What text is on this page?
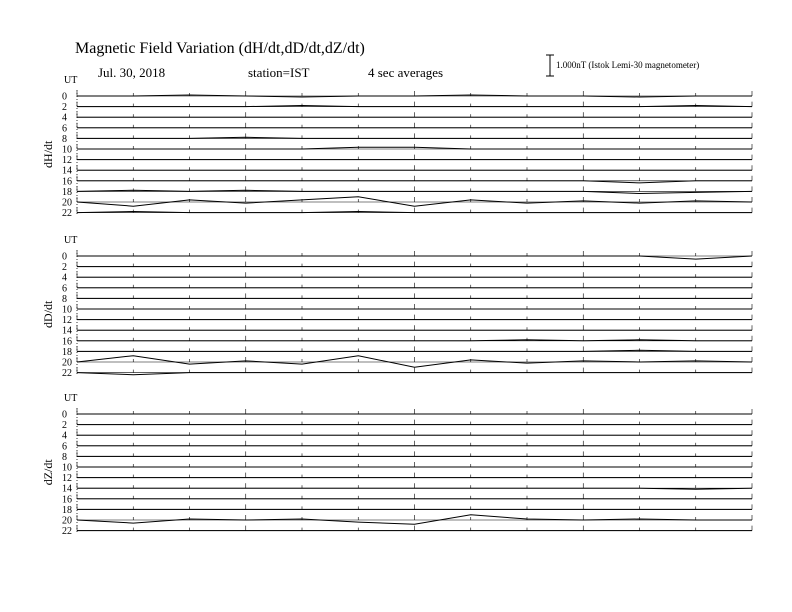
Magnetic Field Variation (dH/dt,dD/dt,dZ/dt)
Jul. 30, 2018	station=IST	4 sec averages	1.000nT (Istok Lemi-30 magnetometer)
UT
dH/dt
0
2
4
6
8
10
12
14
16
18
20
22
UT
dD/dt
0
2
4
6
8
10
12
14
16
18
20
22
UT
dZ/dt
0
2
4
6
8
10
12
14
16
18
20
22
